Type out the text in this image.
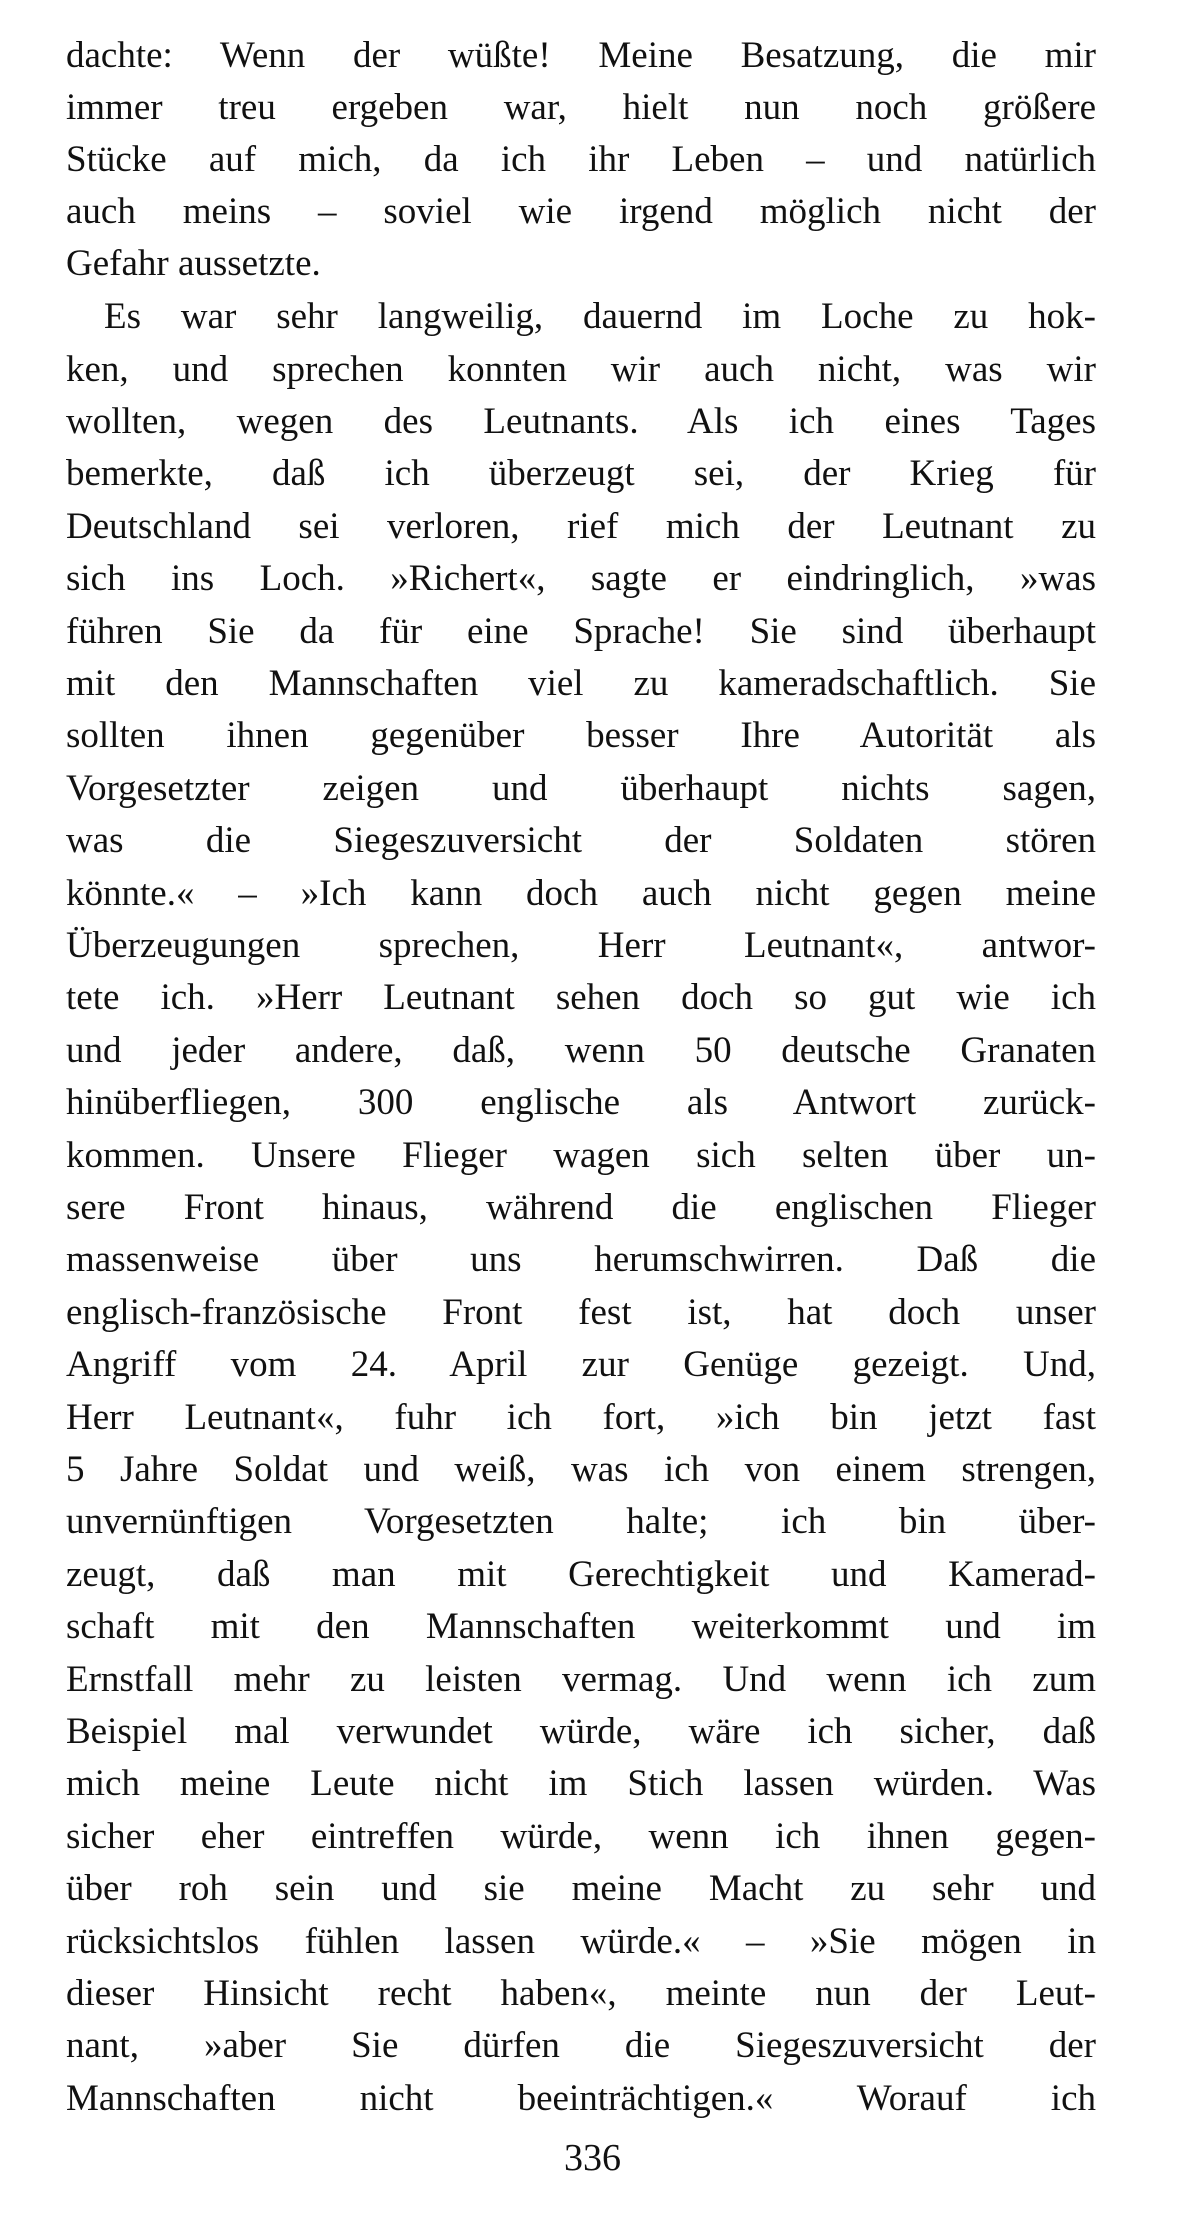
dachte: Wenn der wüßte! Meine Besatzung, die mir
immer treu ergeben war, hielt nun noch größere
Stücke auf mich, da ich ihr Leben – und natürlich
auch meins – soviel wie irgend möglich nicht der
Gefahr aussetzte.
Es war sehr langweilig, dauernd im Loche zu hok-
ken, und sprechen konnten wir auch nicht, was wir
wollten, wegen des Leutnants. Als ich eines Tages
bemerkte, daß ich überzeugt sei, der Krieg für
Deutschland sei verloren, rief mich der Leutnant zu
sich ins Loch. »Richert«, sagte er eindringlich, »was
führen Sie da für eine Sprache! Sie sind überhaupt
mit den Mannschaften viel zu kameradschaftlich. Sie
sollten ihnen gegenüber besser Ihre Autorität als
Vorgesetzter zeigen und überhaupt nichts sagen,
was die Siegeszuversicht der Soldaten stören
könnte.« – »Ich kann doch auch nicht gegen meine
Überzeugungen sprechen, Herr Leutnant«, antwor-
tete ich. »Herr Leutnant sehen doch so gut wie ich
und jeder andere, daß, wenn 50 deutsche Granaten
hinüberfliegen, 300 englische als Antwort zurück-
kommen. Unsere Flieger wagen sich selten über un-
sere Front hinaus, während die englischen Flieger
massenweise über uns herumschwirren. Daß die
englisch-französische Front fest ist, hat doch unser
Angriff vom 24. April zur Genüge gezeigt. Und,
Herr Leutnant«, fuhr ich fort, »ich bin jetzt fast
5 Jahre Soldat und weiß, was ich von einem strengen,
unvernünftigen Vorgesetzten halte; ich bin über-
zeugt, daß man mit Gerechtigkeit und Kamerad-
schaft mit den Mannschaften weiterkommt und im
Ernstfall mehr zu leisten vermag. Und wenn ich zum
Beispiel mal verwundet würde, wäre ich sicher, daß
mich meine Leute nicht im Stich lassen würden. Was
sicher eher eintreffen würde, wenn ich ihnen gegen-
über roh sein und sie meine Macht zu sehr und
rücksichtslos fühlen lassen würde.« – »Sie mögen in
dieser Hinsicht recht haben«, meinte nun der Leut-
nant, »aber Sie dürfen die Siegeszuversicht der
Mannschaften nicht beeinträchtigen.« Worauf ich
336
